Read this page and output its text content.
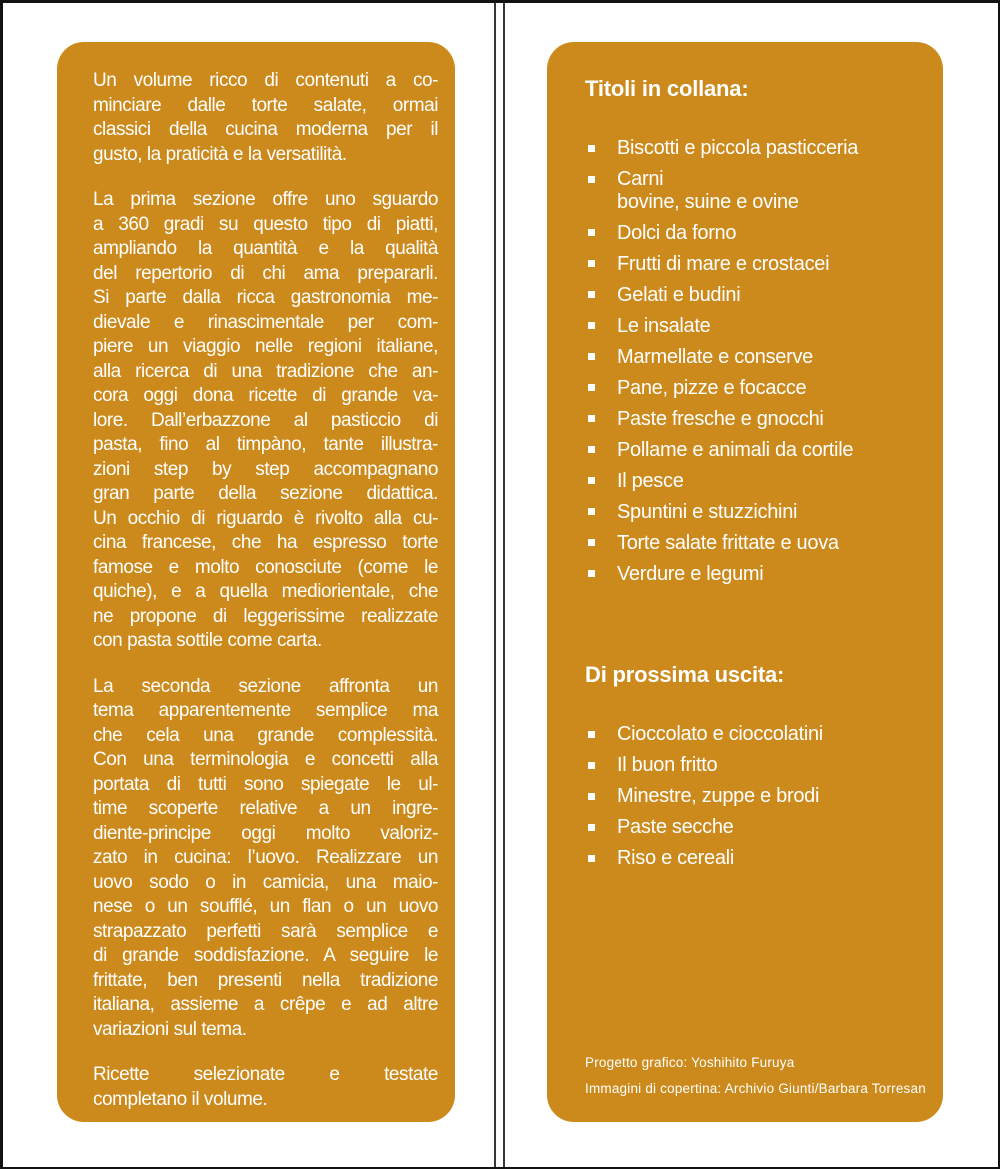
Un volume ricco di contenuti a co-
minciare dalle torte salate, ormai
classici della cucina moderna per il
gusto, la praticità e la versatilità.
La prima sezione offre uno sguardo
a 360 gradi su questo tipo di piatti,
ampliando la quantità e la qualità
del repertorio di chi ama prepararli.
Si parte dalla ricca gastronomia me-
dievale e rinascimentale per com-
piere un viaggio nelle regioni italiane,
alla ricerca di una tradizione che an-
cora oggi dona ricette di grande va-
lore. Dall’erbazzone al pasticcio di
pasta, fino al timpàno, tante illustra-
zioni step by step accompagnano
gran parte della sezione didattica.
Un occhio di riguardo è rivolto alla cu-
cina francese, che ha espresso torte
famose e molto conosciute (come le
quiche), e a quella mediorientale, che
ne propone di leggerissime realizzate
con pasta sottile come carta.
La seconda sezione affronta un
tema apparentemente semplice ma
che cela una grande complessità.
Con una terminologia e concetti alla
portata di tutti sono spiegate le ul-
time scoperte relative a un ingre-
diente-principe oggi molto valoriz-
zato in cucina: l’uovo. Realizzare un
uovo sodo o in camicia, una maio-
nese o un soufflé, un flan o un uovo
strapazzato perfetti sarà semplice e
di grande soddisfazione. A seguire le
frittate, ben presenti nella tradizione
italiana, assieme a crêpe e ad altre
variazioni sul tema.
Ricette selezionate e testate
completano il volume.
Titoli in collana:
Biscotti e piccola pasticceria
Carni
bovine, suine e ovine
Dolci da forno
Frutti di mare e crostacei
Gelati e budini
Le insalate
Marmellate e conserve
Pane, pizze e focacce
Paste fresche e gnocchi
Pollame e animali da cortile
Il pesce
Spuntini e stuzzichini
Torte salate frittate e uova
Verdure e legumi
Di prossima uscita:
Cioccolato e cioccolatini
Il buon fritto
Minestre, zuppe e brodi
Paste secche
Riso e cereali
Progetto grafico: Yoshihito Furuya
Immagini di copertina: Archivio Giunti/Barbara Torresan
